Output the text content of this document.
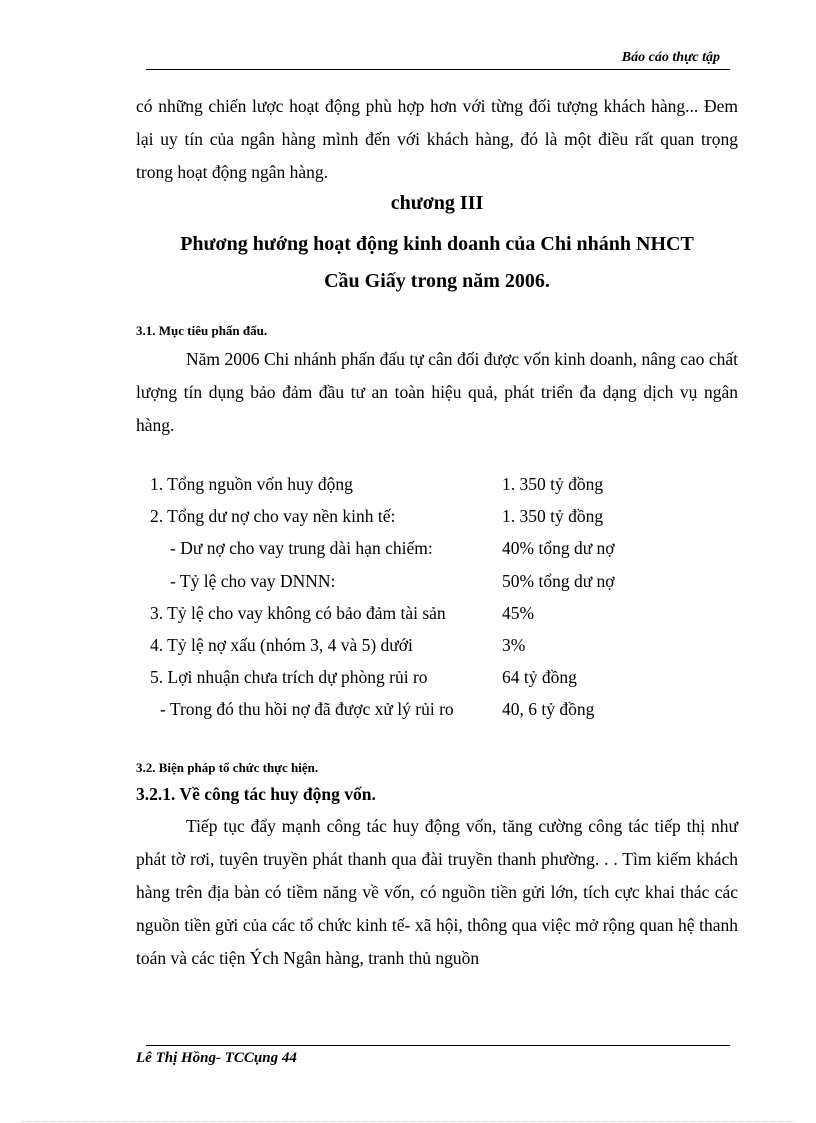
Báo cáo thực tập

có những chiến lược hoạt động phù hợp hơn với từng đối tượng khách hàng... Đem lại uy tín của ngân hàng mình đến với khách hàng, đó là một điều rất quan trọng trong hoạt động ngân hàng.

chương III
Phương hướng hoạt động kinh doanh của Chi nhánh NHCT
Cầu Giấy trong năm 2006.
3.1. Mục tiêu phấn đấu.

Năm 2006 Chi nhánh phấn đấu tự cân đối được vốn kinh doanh, nâng cao chất lượng tín dụng bảo đảm đầu tư an toàn hiệu quả, phát triển đa dạng dịch vụ ngân hàng.

1. Tổng nguồn vốn huy động	1. 350 tỷ đồng
2. Tổng dư nợ cho vay nền kinh tế:	1. 350 tỷ đồng
- Dư nợ cho vay trung dài hạn chiếm:	40% tổng dư nợ
- Tỷ lệ cho vay DNNN:	50% tổng dư nợ
3. Tỷ lệ cho vay không có bảo đảm tài sản	45%
4. Tỷ lệ nợ xấu (nhóm 3, 4 và 5) dưới	3%
5. Lợi nhuận chưa trích dự phòng rủi ro	64 tỷ đồng
- Trong đó thu hồi nợ đã được xử lý rủi ro	40, 6 tỷ đồng
3.2. Biện pháp tổ chức thực hiện.
3.2.1. Về công tác huy động vốn.

Tiếp tục đẩy mạnh công tác huy động vốn, tăng cường công tác tiếp thị như phát tờ rơi, tuyên truyền phát thanh qua đài truyền thanh phường. . . Tìm kiếm khách hàng trên địa bàn có tiềm năng về vốn, có nguồn tiền gửi lớn, tích cực khai thác các nguồn tiền gửi của các tổ chức kinh tế- xã hội, thông qua việc mở rộng quan hệ thanh toán và các tiện Ých Ngân hàng, tranh thủ nguồn

Lê Thị Hồng- TCCụng 44
